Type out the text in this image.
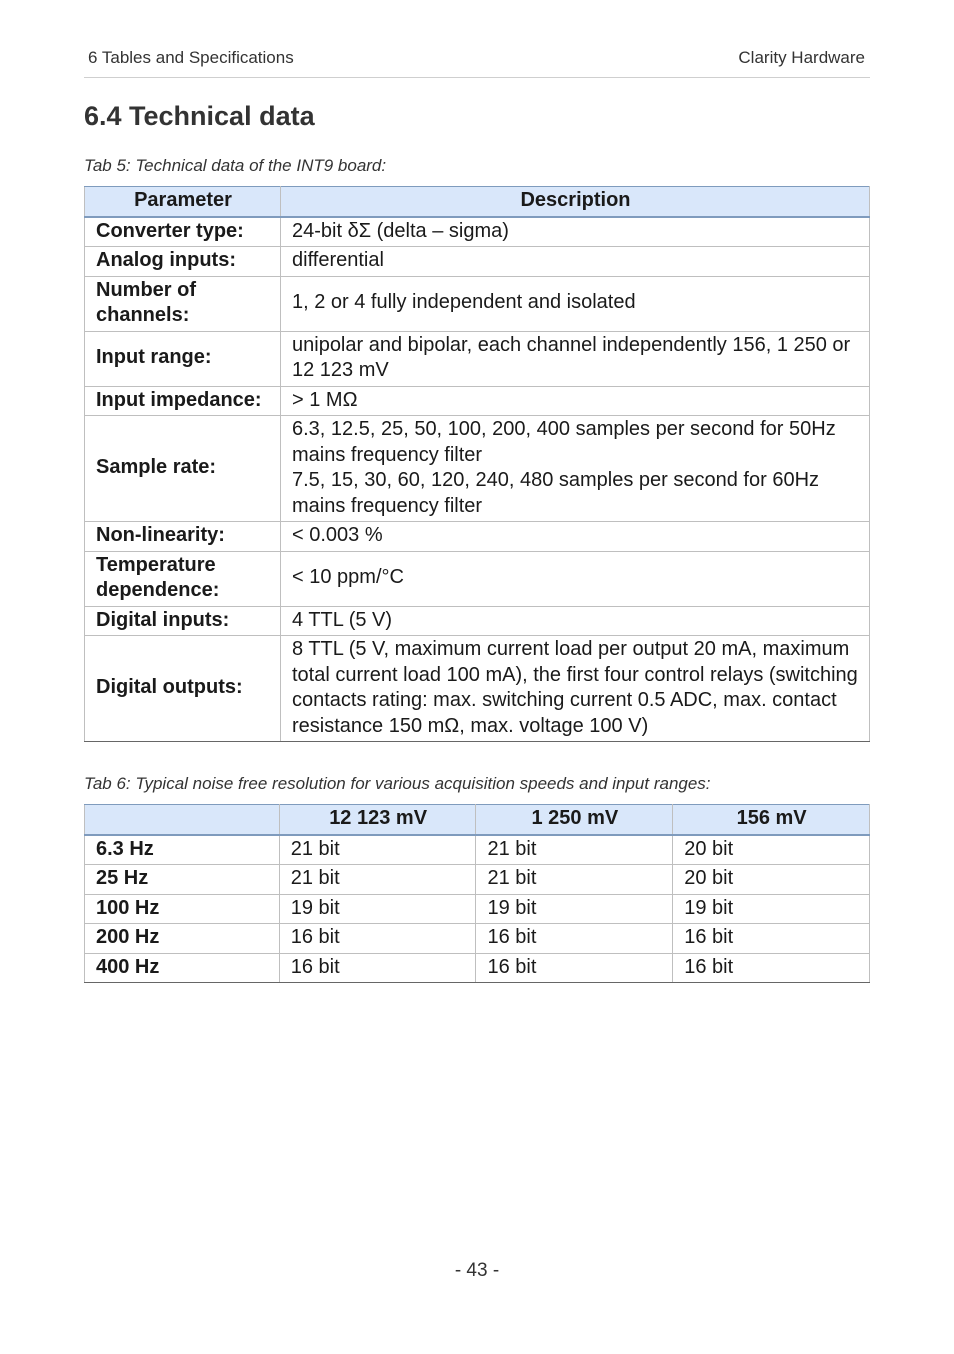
6 Tables and Specifications	Clarity Hardware
6.4 Technical data
Tab 5: Technical data of the INT9 board:
Parameter	Description
Converter type:	24-bit δΣ (delta – sigma)

Analog inputs:	differential

Number of channels:	1, 2 or 4 fully independent and isolated

Input range:	unipolar and bipolar, each channel independently 156, 1 250 or 12 123 mV

Input impedance:	> 1 MΩ

Sample rate:	6.3, 12.5, 25, 50, 100, 200, 400 samples per second for 50Hz mains frequency filter
7.5, 15, 30, 60, 120, 240, 480 samples per second for 60Hz mains frequency filter

Non-linearity:	< 0.003 %

Temperature dependence:	< 10 ppm/°C

Digital inputs:	4 TTL (5 V)

Digital outputs:	8 TTL (5 V, maximum current load per output 20 mA, maximum total current load 100 mA), the first four control relays (switching contacts rating: max. switching current 0.5 ADC, max. contact resistance 150 mΩ, max. voltage 100 V)
Tab 6: Typical noise free resolution for various acquisition speeds and input ranges:
	12 123 mV	1 250 mV	156 mV
6.3 Hz	21 bit	21 bit	20 bit
25 Hz	21 bit	21 bit	20 bit
100 Hz	19 bit	19 bit	19 bit
200 Hz	16 bit	16 bit	16 bit
400 Hz	16 bit	16 bit	16 bit
- 43 -
